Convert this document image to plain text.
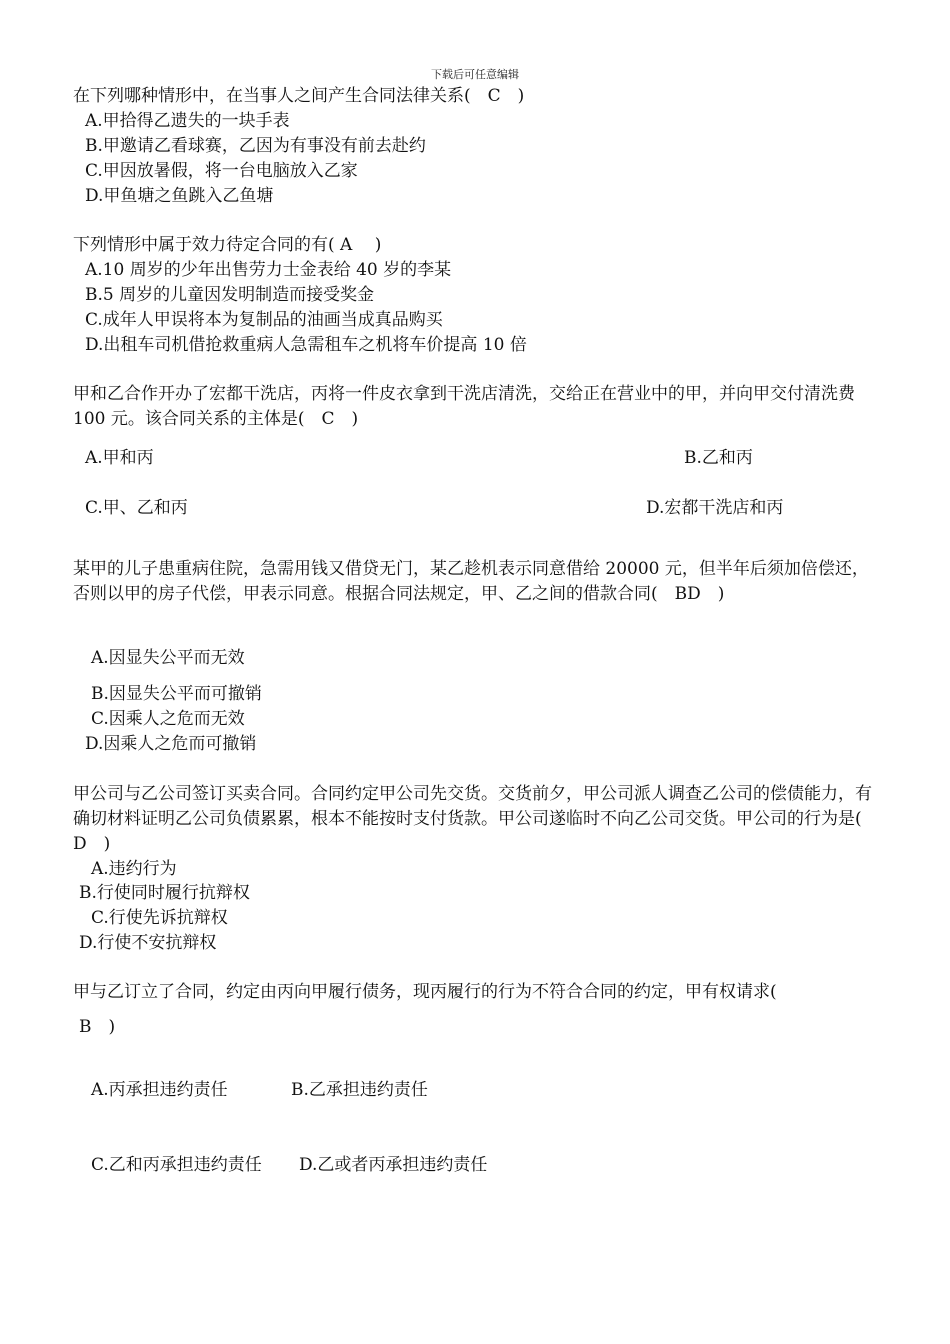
下载后可任意编辑
在下列哪种情形中，在当事人之间产生合同法律关系(　C　)
A.甲拾得乙遗失的一块手表
B.甲邀请乙看球赛，乙因为有事没有前去赴约
C.甲因放暑假，将一台电脑放入乙家
D.甲鱼塘之鱼跳入乙鱼塘
下列情形中属于效力待定合同的有( A　 )
A.10 周岁的少年出售劳力士金表给 40 岁的李某
B.5 周岁的儿童因发明制造而接受奖金
C.成年人甲误将本为复制品的油画当成真品购买
D.出租车司机借抢救重病人急需租车之机将车价提高 10 倍
甲和乙合作开办了宏都干洗店，丙将一件皮衣拿到干洗店清洗，交给正在营业中的甲，并向甲交付清洗费 100 元。该合同关系的主体是(　C　)
A.甲和丙	B.乙和丙
C.甲、乙和丙	D.宏都干洗店和丙
某甲的儿子患重病住院，急需用钱又借贷无门，某乙趁机表示同意借给 20000 元，但半年后须加倍偿还，否则以甲的房子代偿，甲表示同意。根据合同法规定，甲、乙之间的借款合同(　BD　)
A.因显失公平而无效
B.因显失公平而可撤销
C.因乘人之危而无效
D.因乘人之危而可撤销
甲公司与乙公司签订买卖合同。合同约定甲公司先交货。交货前夕，甲公司派人调查乙公司的偿债能力，有确切材料证明乙公司负债累累，根本不能按时支付货款。甲公司遂临时不向乙公司交货。甲公司的行为是(　D　)
A.违约行为
B.行使同时履行抗辩权
C.行使先诉抗辩权
D.行使不安抗辩权
甲与乙订立了合同，约定由丙向甲履行债务，现丙履行的行为不符合合同的约定，甲有权请求(
B　)
A.丙承担违约责任	B.乙承担违约责任
C.乙和丙承担违约责任 D.乙或者丙承担违约责任
